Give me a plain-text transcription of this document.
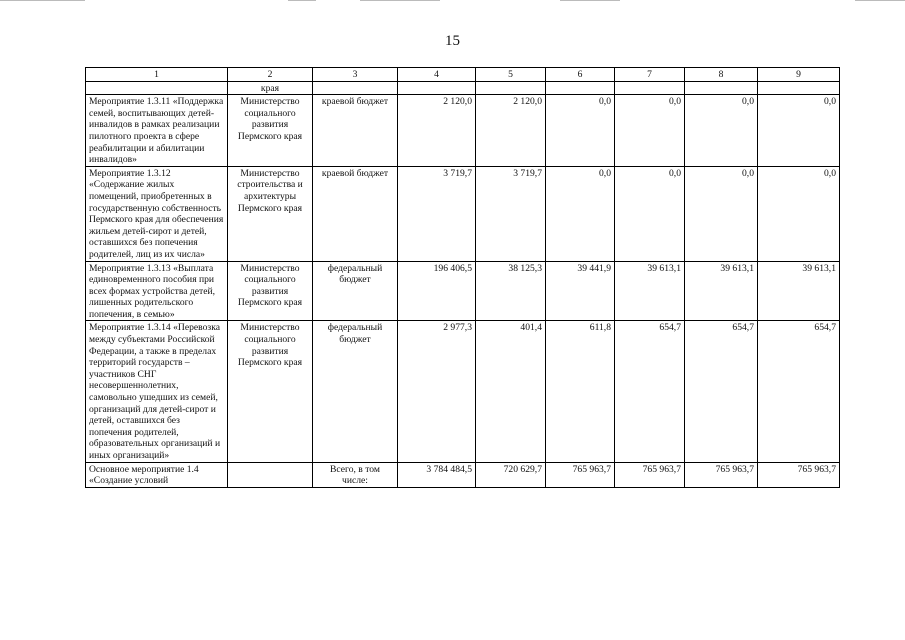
15
1	2	3	4	5	6	7	8	9
	края							
Мероприятие 1.3.11 «Поддержка семей, воспитывающих детей-инвалидов в рамках реализации пилотного проекта в сфере реабилитации и абилитации инвалидов»	Министерство социального развития Пермского края	краевой бюджет	2 120,0	2 120,0	0,0	0,0	0,0	0,0
Мероприятие 1.3.12 «Содержание жилых помещений, приобретенных в государственную собственность Пермского края для обеспечения жильем детей-сирот и детей, оставшихся без попечения родителей, лиц из их числа»	Министерство строительства и архитектуры Пермского края	краевой бюджет	3 719,7	3 719,7	0,0	0,0	0,0	0,0
Мероприятие 1.3.13 «Выплата единовременного пособия при всех формах устройства детей, лишенных родительского попечения, в семью»	Министерство социального развития Пермского края	федеральный бюджет	196 406,5	38 125,3	39 441,9	39 613,1	39 613,1	39 613,1
Мероприятие 1.3.14 «Перевозка между субъектами Российской Федерации, а также в пределах территорий государств – участников СНГ несовершеннолетних, самовольно ушедших из семей, организаций для детей-сирот и детей, оставшихся без попечения родителей, образовательных организаций и иных организаций»	Министерство социального развития Пермского края	федеральный бюджет	2 977,3	401,4	611,8	654,7	654,7	654,7
Основное мероприятие 1.4 «Создание условий		Всего, в том числе:	3 784 484,5	720 629,7	765 963,7	765 963,7	765 963,7	765 963,7
